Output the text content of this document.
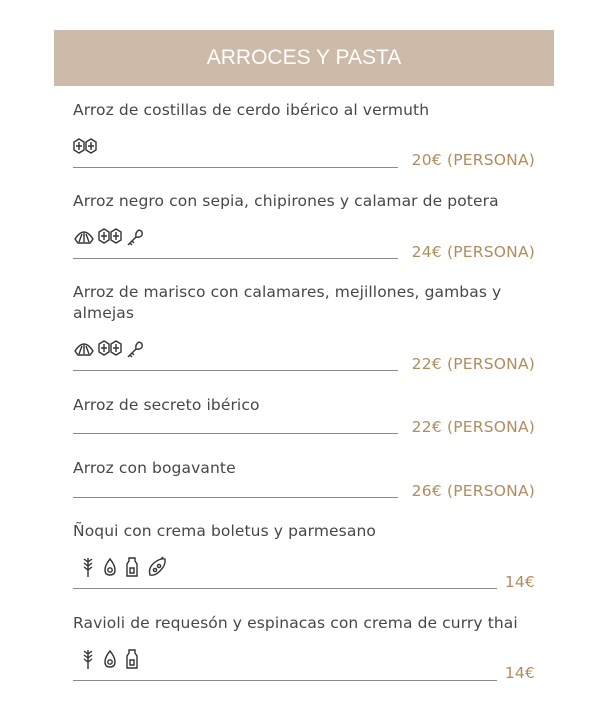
ARROCES Y PASTA
Arroz de costillas de cerdo ibérico al vermuth
20€ (PERSONA)
Arroz negro con sepia, chipirones y calamar de potera
24€ (PERSONA)
Arroz de marisco con calamares, mejillones, gambas y almejas
22€ (PERSONA)
Arroz de secreto ibérico
22€ (PERSONA)
Arroz con bogavante
26€ (PERSONA)
Ñoqui con crema boletus y parmesano
14€
Ravioli de requesón y espinacas con crema de curry thai
14€
